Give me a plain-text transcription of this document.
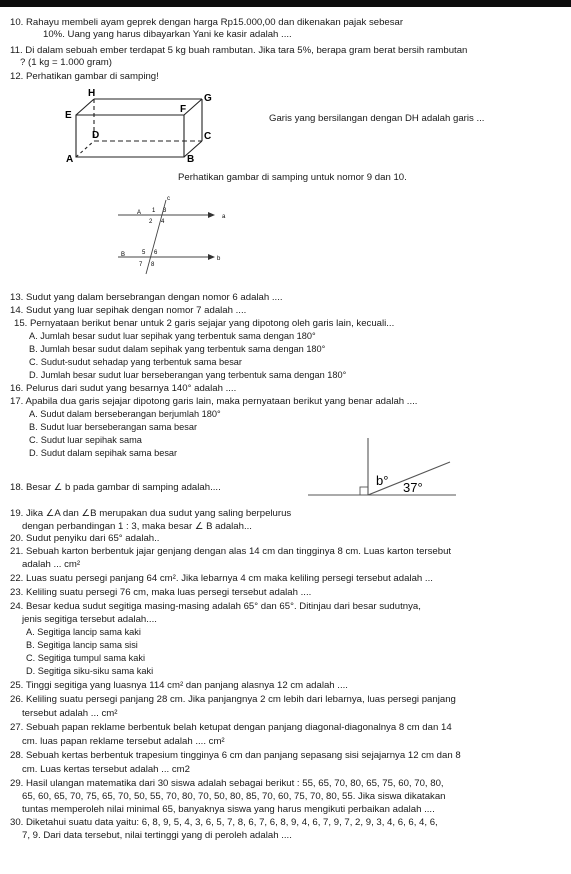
10. Rahayu membeli ayam geprek dengan harga Rp15.000,00 dan dikenakan pajak sebesar
10%. Uang yang harus dibayarkan Yani ke kasir adalah ....
11. Di dalam sebuah ember terdapat 5 kg buah rambutan. Jika tara 5%, berapa gram berat bersih rambutan
? (1 kg = 1.000 gram)
12. Perhatikan gambar di samping!
H	G
E
F
D	C
A	B
Garis yang bersilangan dengan DH adalah garis ...
Perhatikan gambar di samping untuk nomor 9 dan 10.
c
A
a
B
b
1 3
2 4
5 6
7 8
13. Sudut yang dalam bersebrangan dengan nomor 6 adalah ....
14. Sudut yang luar sepihak dengan nomor 7 adalah ....
15. Pernyataan berikut benar untuk 2 garis sejajar yang dipotong oleh garis lain, kecuali...
A. Jumlah besar sudut luar sepihak yang terbentuk sama dengan 180°
B. Jumlah besar sudut dalam sepihak yang terbentuk sama dengan 180°
C. Sudut-sudut sehadap yang terbentuk sama besar
D. Jumlah besar sudut luar berseberangan yang terbentuk sama dengan 180°
16. Pelurus dari sudut yang besarnya 140° adalah ....
17. Apabila dua garis sejajar dipotong garis lain, maka pernyataan berikut yang benar adalah ....
A. Sudut dalam berseberangan berjumlah 180°
B. Sudut luar berseberangan sama besar
C. Sudut luar sepihak sama
D. Sudut dalam sepihak sama besar
18. Besar ∠ b pada gambar di samping adalah....	b° 37°
19. Jika ∠A dan ∠B merupakan dua sudut yang saling berpelurus
dengan perbandingan 1 : 3, maka besar ∠ B adalah...
20. Sudut penyiku dari 65° adalah..
21. Sebuah karton berbentuk jajar genjang dengan alas 14 cm dan tingginya 8 cm. Luas karton tersebut
adalah ... cm²
22. Luas suatu persegi panjang 64 cm². Jika lebarnya 4 cm maka keliling persegi tersebut adalah ...
23. Keliling suatu persegi 76 cm, maka luas persegi tersebut adalah ....
24. Besar kedua sudut segitiga masing-masing adalah 65° dan 65°. Ditinjau dari besar sudutnya,
jenis segitiga tersebut adalah....
A. Segitiga lancip sama kaki
B. Segitiga lancip sama sisi
C. Segitiga tumpul sama kaki
D. Segitiga siku-siku sama kaki
25. Tinggi segitiga yang luasnya 114 cm² dan panjang alasnya 12 cm adalah ....
26. Keliling suatu persegi panjang 28 cm. Jika panjangnya 2 cm lebih dari lebarnya, luas persegi panjang
tersebut adalah ... cm²
27. Sebuah papan reklame berbentuk belah ketupat dengan panjang diagonal-diagonalnya 8 cm dan 14
cm. luas papan reklame tersebut adalah .... cm²
28. Sebuah kertas berbentuk trapesium tingginya 6 cm dan panjang sepasang sisi sejajarnya 12 cm dan 8
cm. Luas kertas tersebut adalah ... cm2
29. Hasil ulangan matematika dari 30 siswa adalah sebagai berikut : 55, 65, 70, 80, 65, 75, 60, 70, 80,
65, 60, 65, 70, 75, 65, 70, 50, 55, 70, 80, 70, 50, 80, 85, 70, 60, 75, 70, 80, 55. Jika siswa dikatakan
tuntas memperoleh nilai minimal 65, banyaknya siswa yang harus mengikuti perbaikan adalah ....
30. Diketahui suatu data yaitu: 6, 8, 9, 5, 4, 3, 6, 5, 7, 8, 6, 7, 6, 8, 9, 4, 6, 7, 9, 7, 2, 9, 3, 4, 6, 6, 4, 6,
7, 9. Dari data tersebut, nilai tertinggi yang di peroleh adalah ....
